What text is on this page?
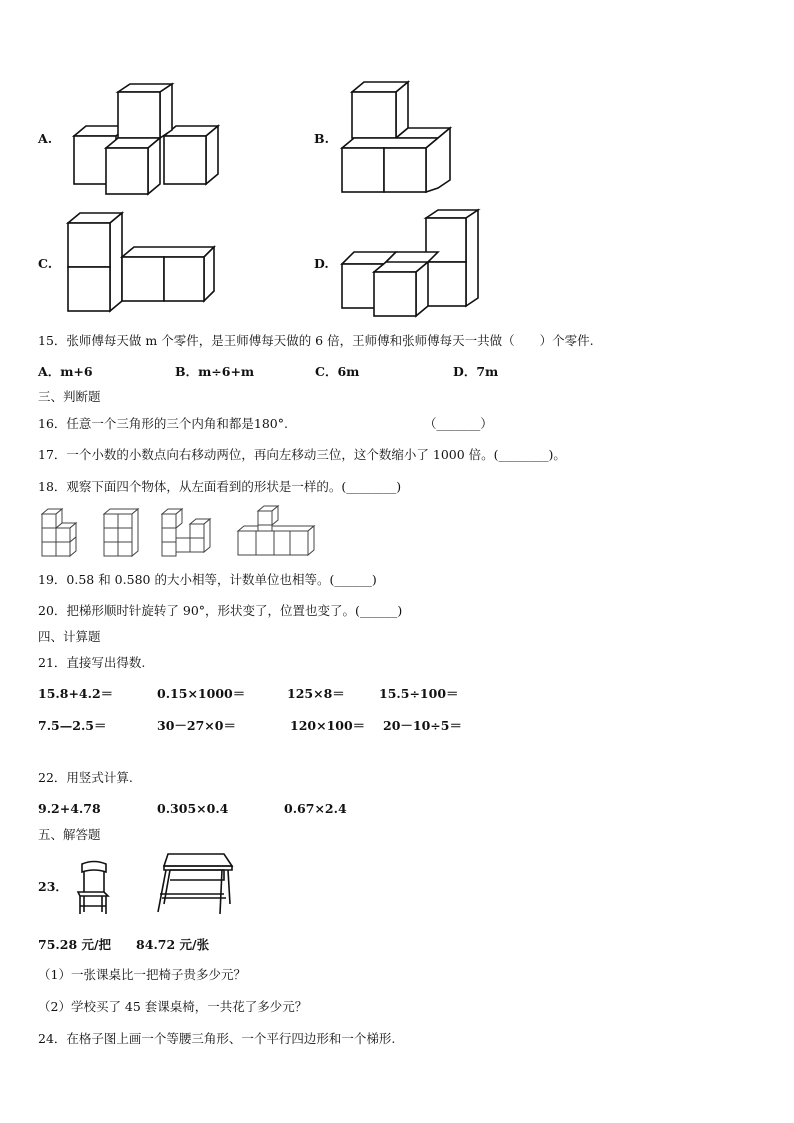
A.	B.
C.	D.
15．张师傅每天做 m 个零件，是王师傅每天做的 6 倍，王师傅和张师傅每天一共做（　　）个零件.
A．m+6	B．m÷6+m	C．6m	D．7m
三、判断题
16．任意一个三角形的三个内角和都是180°.	（_______）
17．一个小数的小数点向右移动两位，再向左移动三位，这个数缩小了 1000 倍。(________)。
18．观察下面四个物体，从左面看到的形状是一样的。(________)
19．0.58 和 0.580 的大小相等，计数单位也相等。(______)
20．把梯形顺时针旋转了 90°，形状变了，位置也变了。(______)
四、计算题
21．直接写出得数.
15.8+4.2＝	0.15×1000＝	125×8＝	15.5÷100＝
7.5—2.5＝	30－27×0＝	120×100＝ 20－10÷5＝
22．用竖式计算.
9.2+4.78	0.305×0.4	0.67×2.4
五、解答题
23．
75.28 元/把　　84.72 元/张
（1）一张课桌比一把椅子贵多少元？
（2）学校买了 45 套课桌椅，一共花了多少元？
24．在格子图上画一个等腰三角形、一个平行四边形和一个梯形.
